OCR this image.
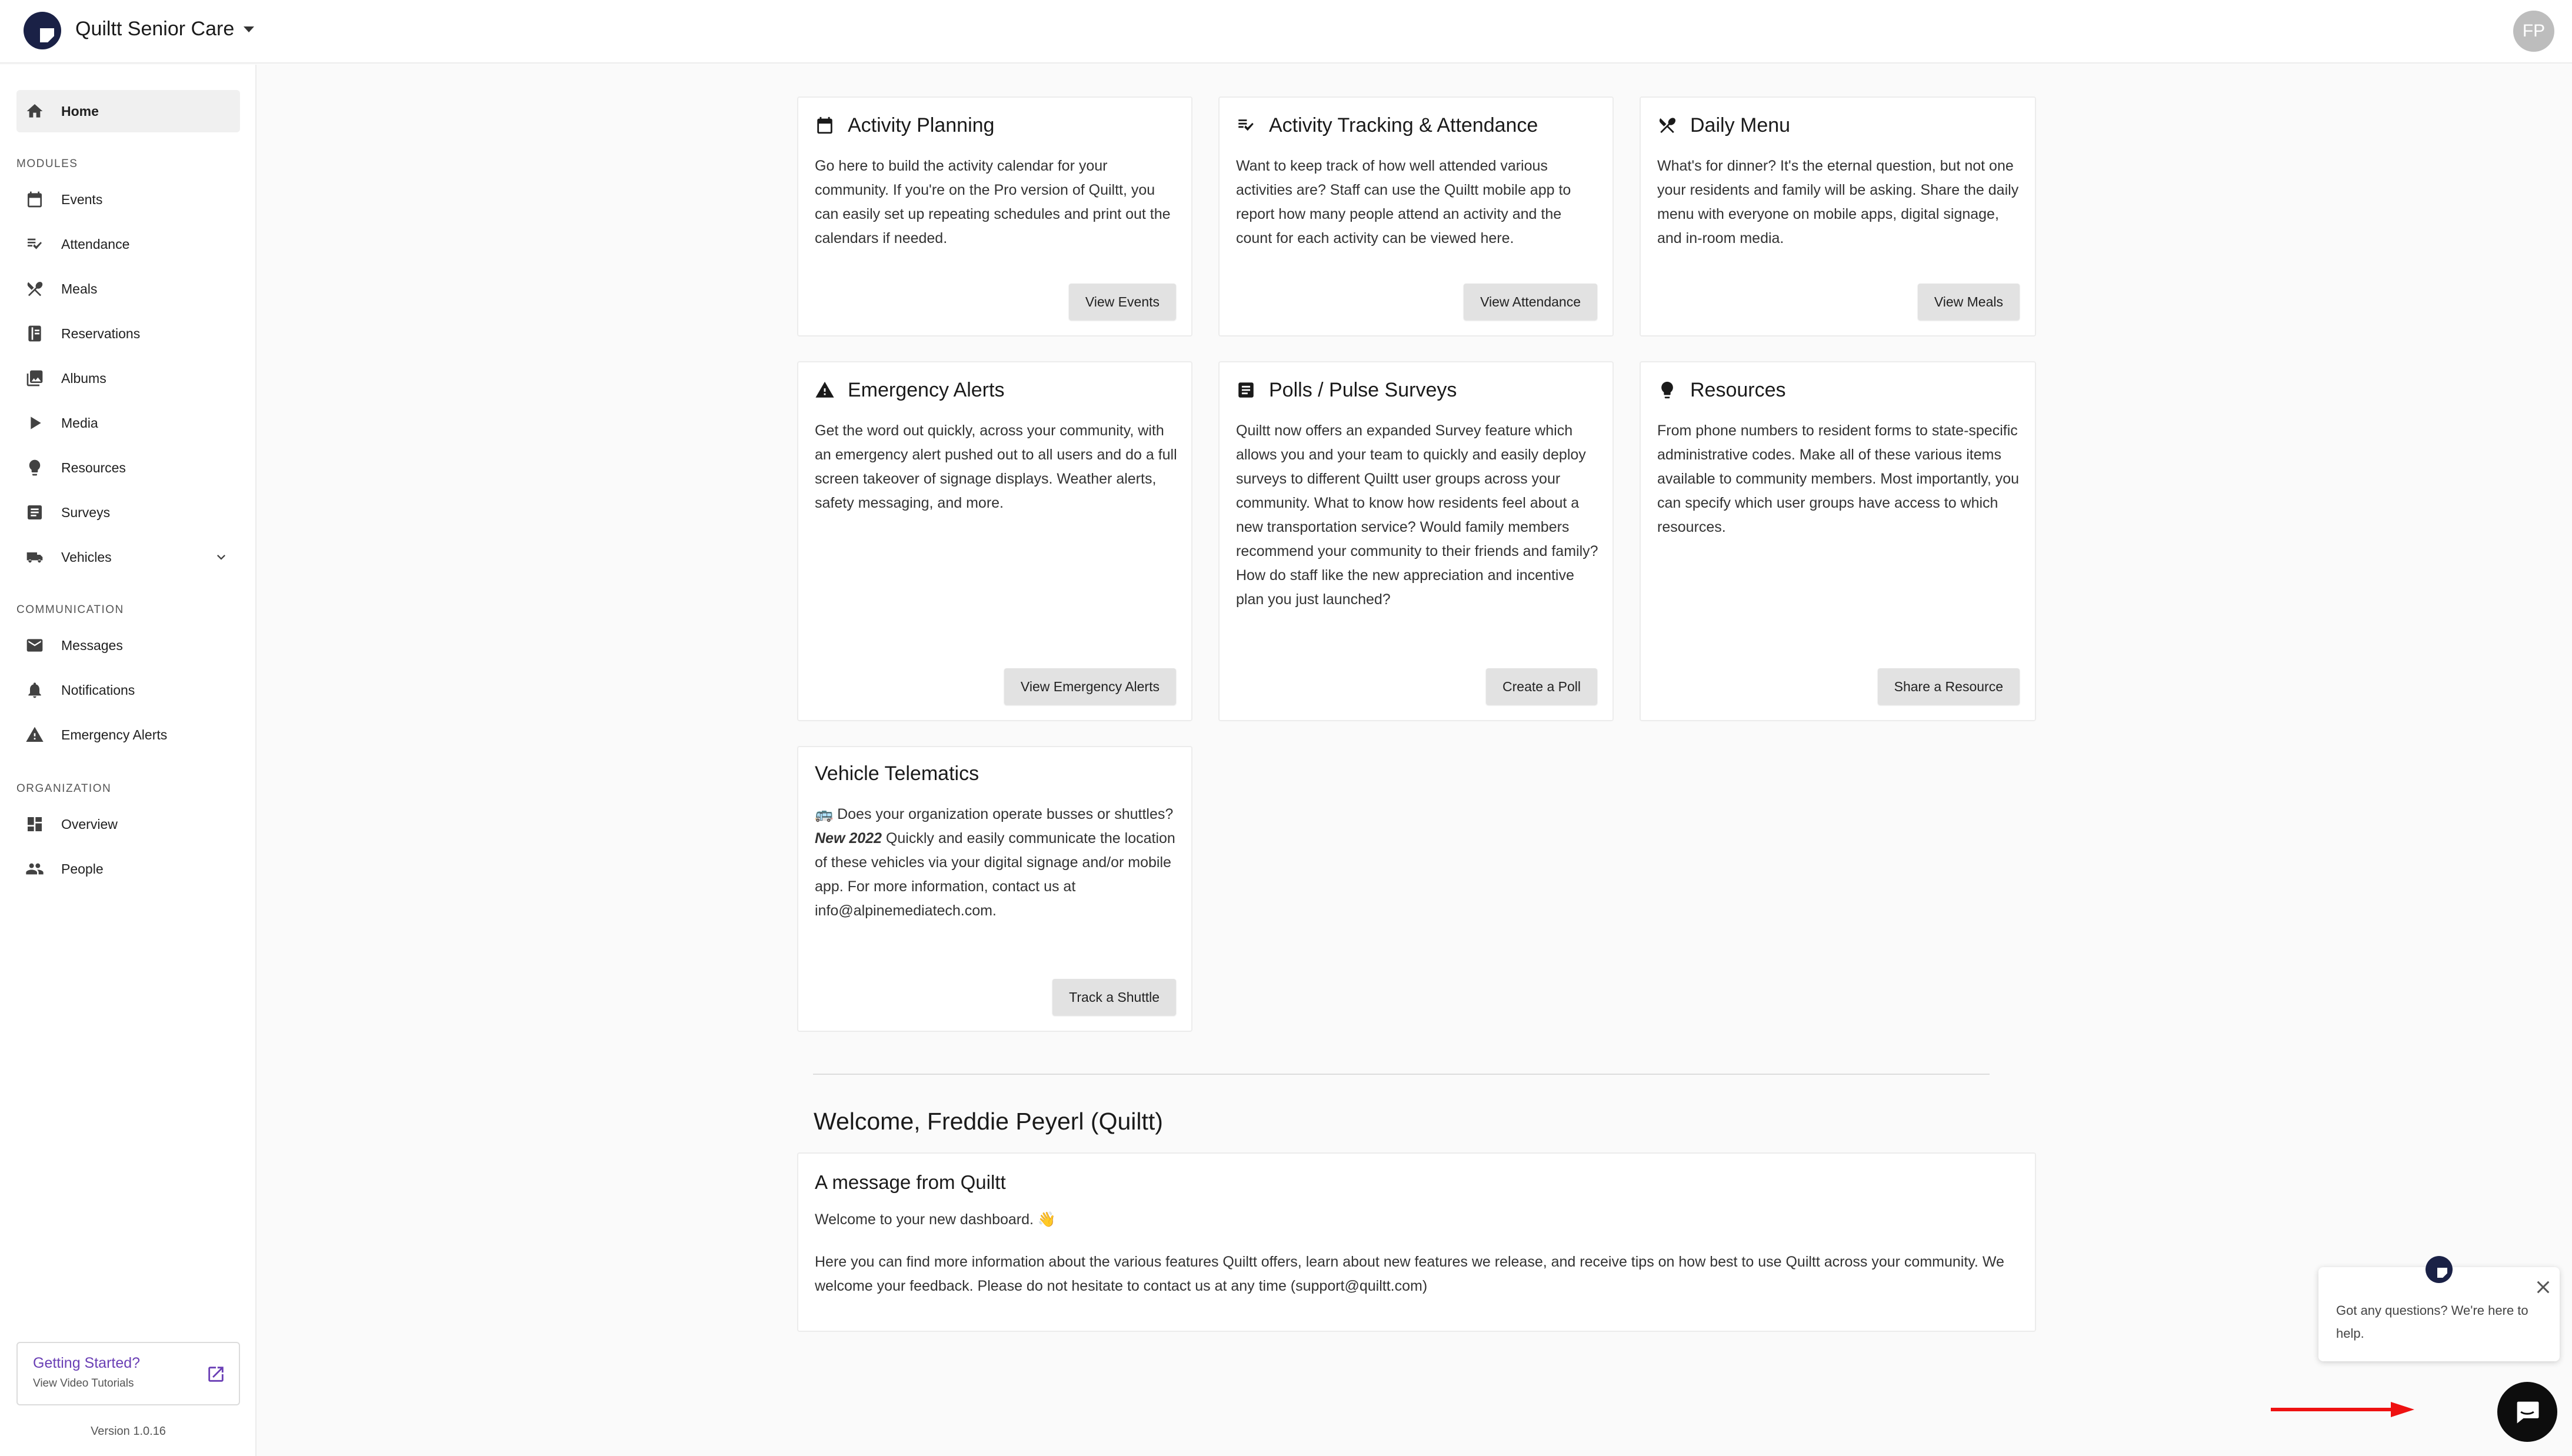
Quiltt Senior Care	FP
Home
MODULES
Events
Attendance
Meals
Reservations
Albums
Media
Resources
Surveys
Vehicles
COMMUNICATION
Messages
Notifications
Emergency Alerts
ORGANIZATION
Overview
People
Getting Started?
View Video Tutorials
Version 1.0.16
Activity Planning
Go here to build the activity calendar for your community. If you're on the Pro version of Quiltt, you can easily set up repeating schedules and print out the calendars if needed.
View Events
Activity Tracking & Attendance
Want to keep track of how well attended various activities are? Staff can use the Quiltt mobile app to report how many people attend an activity and the count for each activity can be viewed here.
View Attendance
Daily Menu
What's for dinner? It's the eternal question, but not one your residents and family will be asking. Share the daily menu with everyone on mobile apps, digital signage, and in-room media.
View Meals
Emergency Alerts
Get the word out quickly, across your community, with an emergency alert pushed out to all users and do a full screen takeover of signage displays. Weather alerts, safety messaging, and more.
View Emergency Alerts
Polls / Pulse Surveys
Quiltt now offers an expanded Survey feature which allows you and your team to quickly and easily deploy surveys to different Quiltt user groups across your community. What to know how residents feel about a new transportation service? Would family members recommend your community to their friends and family? How do staff like the new appreciation and incentive plan you just launched?
Create a Poll
Resources
From phone numbers to resident forms to state-specific administrative codes. Make all of these various items available to community members. Most importantly, you can specify which user groups have access to which resources.
Share a Resource
Vehicle Telematics
🚌 Does your organization operate busses or shuttles? New 2022 Quickly and easily communicate the location of these vehicles via your digital signage and/or mobile app. For more information, contact us at info@alpinemediatech.com.
Track a Shuttle
Welcome, Freddie Peyerl (Quiltt)
A message from Quiltt
Welcome to your new dashboard. 👋
Here you can find more information about the various features Quiltt offers, learn about new features we release, and receive tips on how best to use Quiltt across your community. We welcome your feedback. Please do not hesitate to contact us at any time (support@quiltt.com)
Got any questions? We're here to help.
